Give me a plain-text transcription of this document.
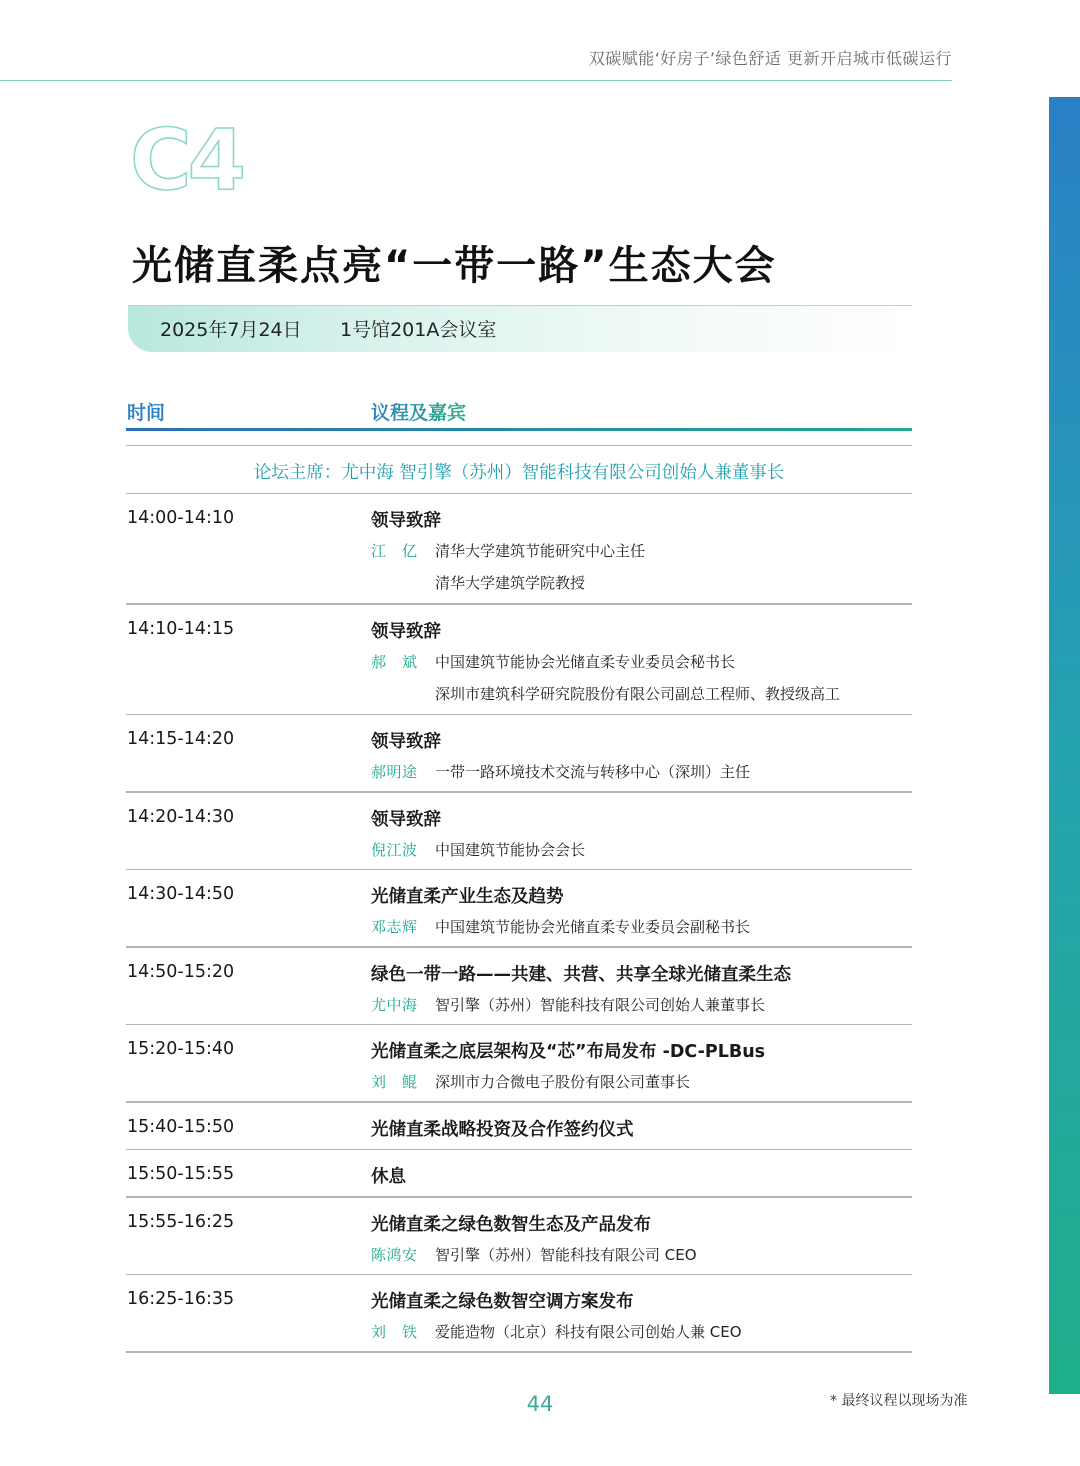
双碳赋能‘好房子’绿色舒适 更新开启城市低碳运行
C4
光储直柔点亮“一带一路”生态大会
2025年7月24日 1号馆201A会议室
时间	议程及嘉宾
论坛主席：尤中海 智引擎（苏州）智能科技有限公司创始人兼董事长
14:00-14:10	领导致辞
江　亿 清华大学建筑节能研究中心主任
清华大学建筑学院教授
14:10-14:15	领导致辞
郝　斌 中国建筑节能协会光储直柔专业委员会秘书长
深圳市建筑科学研究院股份有限公司副总工程师、教授级高工
14:15-14:20	领导致辞
郝明途 一带一路环境技术交流与转移中心（深圳）主任
14:20-14:30	领导致辞
倪江波 中国建筑节能协会会长
14:30-14:50	光储直柔产业生态及趋势
邓志辉 中国建筑节能协会光储直柔专业委员会副秘书长
14:50-15:20	绿色一带一路——共建、共营、共享全球光储直柔生态
尤中海 智引擎（苏州）智能科技有限公司创始人兼董事长
15:20-15:40	光储直柔之底层架构及“芯”布局发布 -DC-PLBus
刘　鲲 深圳市力合微电子股份有限公司董事长
15:40-15:50	光储直柔战略投资及合作签约仪式
15:50-15:55	休息
15:55-16:25	光储直柔之绿色数智生态及产品发布
陈鸿安 智引擎（苏州）智能科技有限公司 CEO
16:25-16:35	光储直柔之绿色数智空调方案发布
刘　铁 爱能造物（北京）科技有限公司创始人兼 CEO
44	* 最终议程以现场为准
